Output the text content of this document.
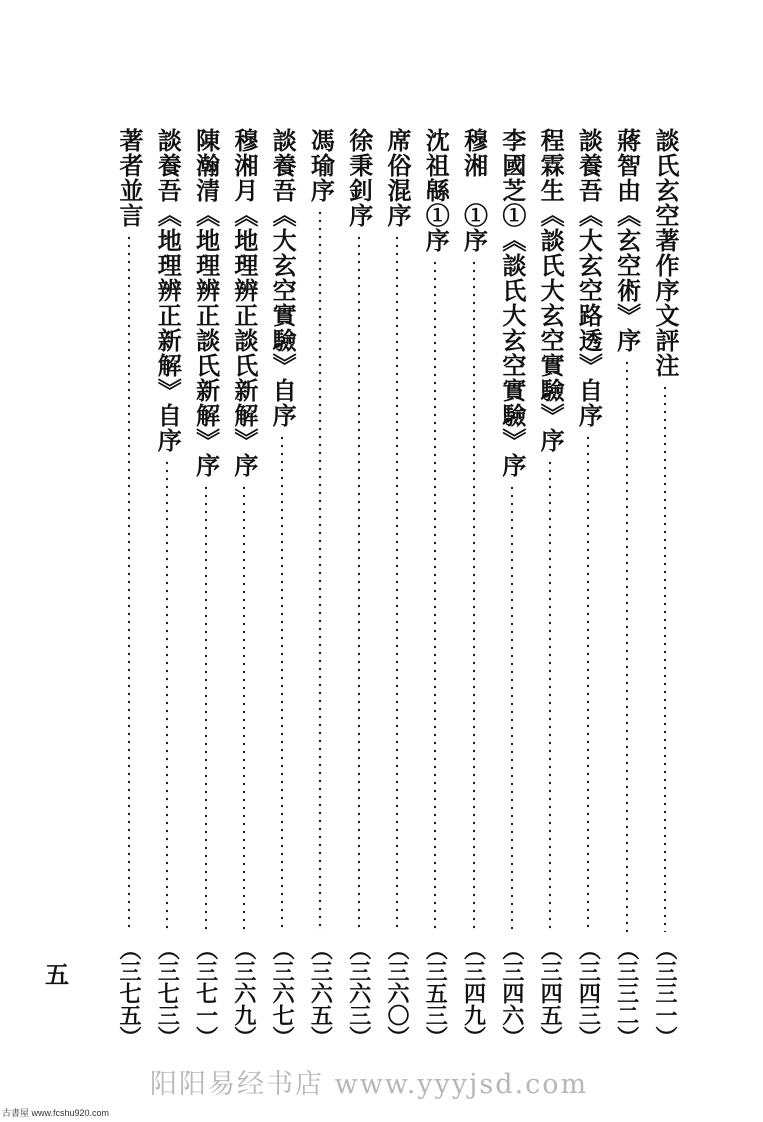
談氏玄空著作序文評注
（三三一）
蔣智由《玄空術》序
（三三二）
談養吾《大玄空路透》自序
（三四三）
程霖生《談氏大玄空實驗》序
（三四五）
李國芝①《談氏大玄空實驗》序
（三四六）
穆湘　①序
（三四九）
沈祖緜①序
（三五三）
席俗混序
（三六〇）
徐秉釗序
（三六三）
馮瑜序
（三六五）
談養吾《大玄空實驗》自序
（三六七）
穆湘月《地理辨正談氏新解》序
（三六九）
陳瀚清《地理辨正談氏新解》序
（三七一）
談養吾《地理辨正新解》自序
（三七三）
著者並言
（三七五）
五
阳阳易经书店 www.yyyjsd.com
古書屋 www.fcshu920.com
